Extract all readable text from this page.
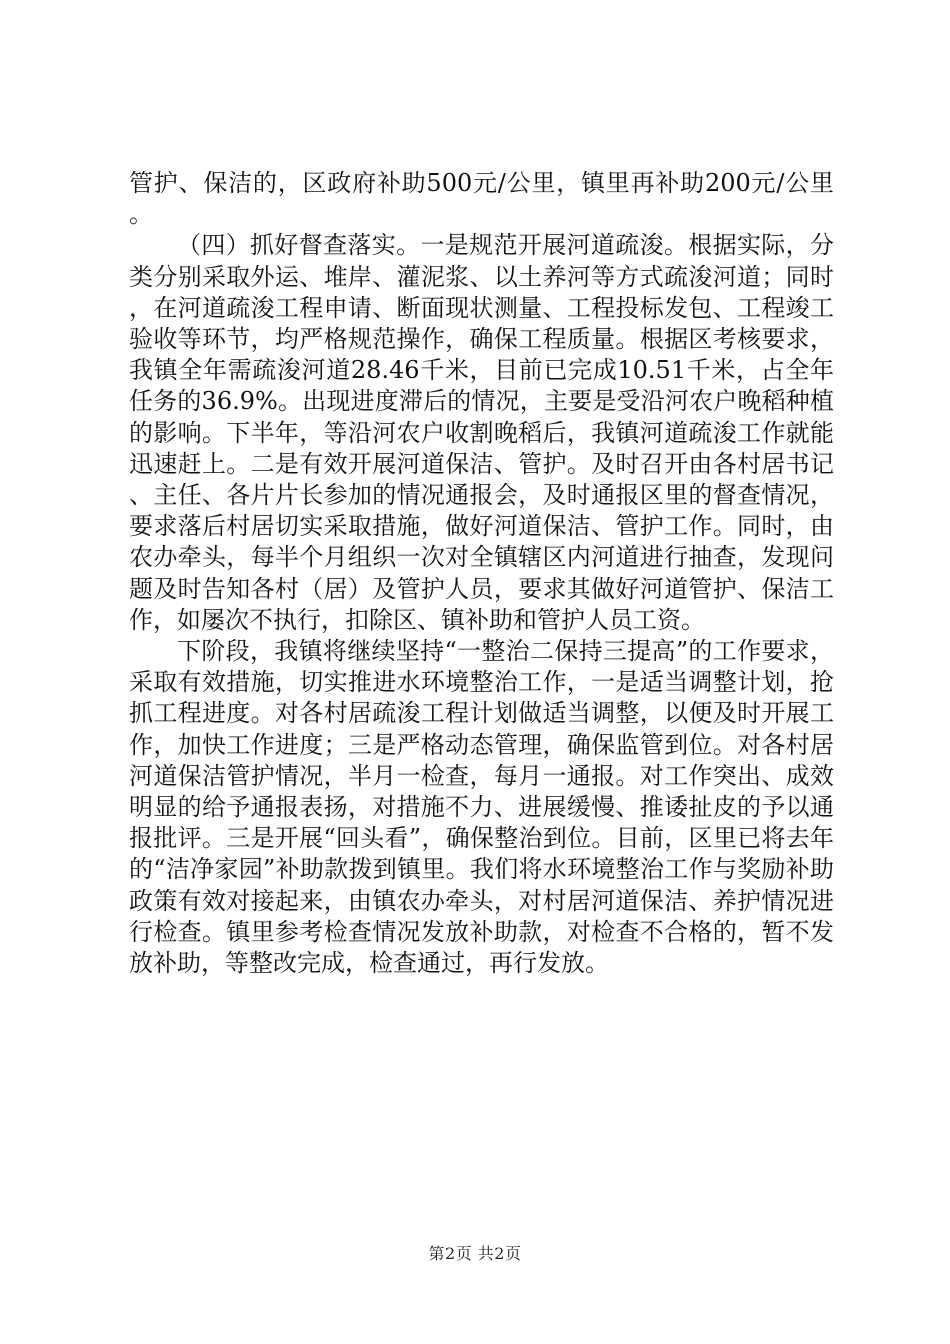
管护、保洁的，区政府补助500元/公里，镇里再补助200元/公里。

（四）抓好督查落实。一是规范开展河道疏浚。根据实际，分类分别采取外运、堆岸、灌泥浆、以土养河等方式疏浚河道；同时，在河道疏浚工程申请、断面现状测量、工程投标发包、工程竣工验收等环节，均严格规范操作，确保工程质量。根据区考核要求，我镇全年需疏浚河道28.46千米，目前已完成10.51千米，占全年任务的36.9%。出现进度滞后的情况，主要是受沿河农户晚稻种植的影响。下半年，等沿河农户收割晚稻后，我镇河道疏浚工作就能迅速赶上。二是有效开展河道保洁、管护。及时召开由各村居书记、主任、各片片长参加的情况通报会，及时通报区里的督查情况，要求落后村居切实采取措施，做好河道保洁、管护工作。同时，由农办牵头，每半个月组织一次对全镇辖区内河道进行抽查，发现问题及时告知各村（居）及管护人员，要求其做好河道管护、保洁工作，如屡次不执行，扣除区、镇补助和管护人员工资。

下阶段，我镇将继续坚持“一整治二保持三提高”的工作要求，采取有效措施，切实推进水环境整治工作，一是适当调整计划，抢抓工程进度。对各村居疏浚工程计划做适当调整，以便及时开展工作，加快工作进度；三是严格动态管理，确保监管到位。对各村居河道保洁管护情况，半月一检查，每月一通报。对工作突出、成效明显的给予通报表扬，对措施不力、进展缓慢、推诿扯皮的予以通报批评。三是开展“回头看”，确保整治到位。目前，区里已将去年的“洁净家园”补助款拨到镇里。我们将水环境整治工作与奖励补助政策有效对接起来，由镇农办牵头，对村居河道保洁、养护情况进行检查。镇里参考检查情况发放补助款，对检查不合格的，暂不发放补助，等整改完成，检查通过，再行发放。

第2页 共2页
